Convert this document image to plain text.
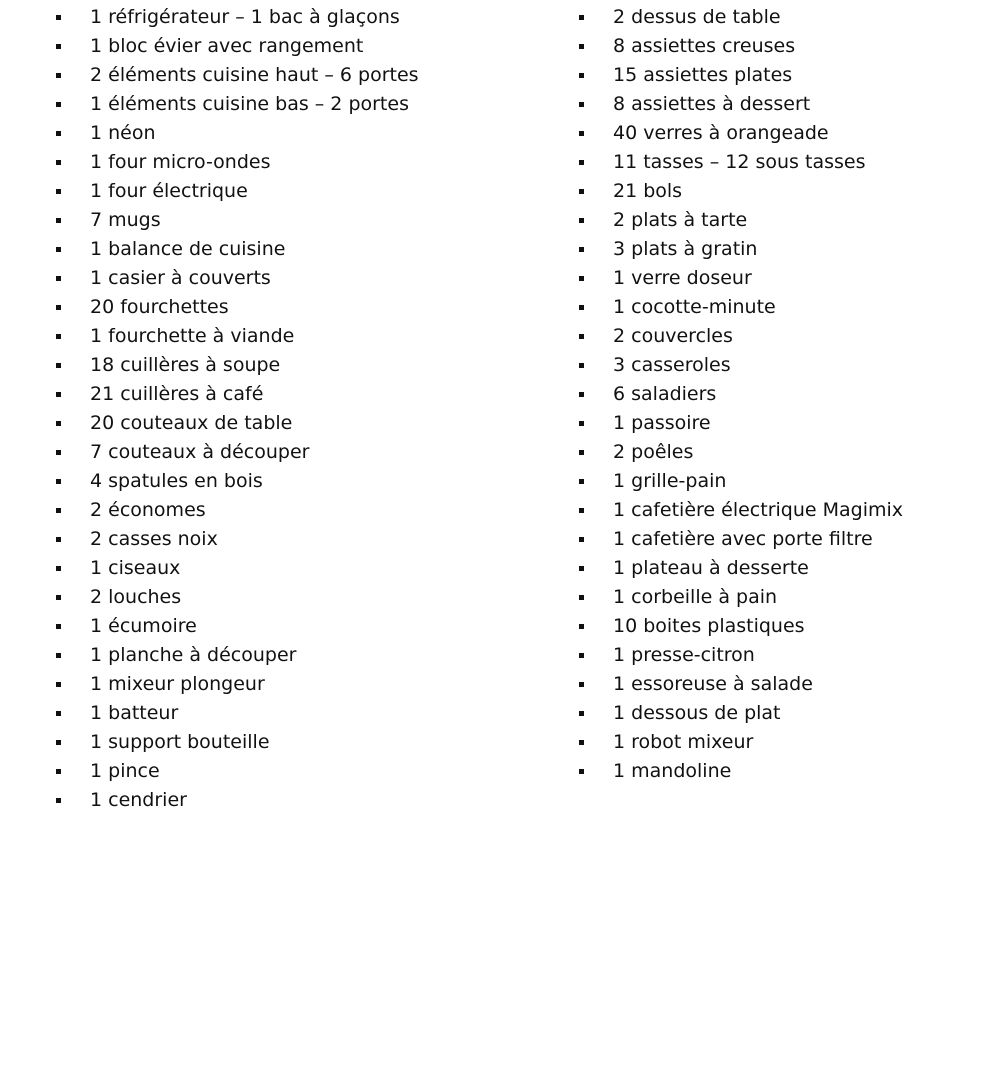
1 réfrigérateur – 1 bac à glaçons
1 bloc évier avec rangement
2 éléments cuisine haut – 6 portes
1 éléments cuisine bas – 2 portes
1 néon
1 four micro-ondes
1 four électrique
7 mugs
1 balance de cuisine
1 casier à couverts
20 fourchettes
1 fourchette à viande
18 cuillères à soupe
21 cuillères à café
20 couteaux de table
7 couteaux à découper
4 spatules en bois
2 économes
2 casses noix
1 ciseaux
2 louches
1 écumoire
1 planche à découper
1 mixeur plongeur
1 batteur
1 support bouteille
1 pince
1 cendrier
2 dessus de table
8 assiettes creuses
15 assiettes plates
8 assiettes à dessert
40 verres à orangeade
11 tasses – 12 sous tasses
21 bols
2 plats à tarte
3 plats à gratin
1 verre doseur
1 cocotte-minute
2 couvercles
3 casseroles
6 saladiers
1 passoire
2 poêles
1 grille-pain
1 cafetière électrique Magimix
1 cafetière avec porte filtre
1 plateau à desserte
1 corbeille à pain
10 boites plastiques
1 presse-citron
1 essoreuse à salade
1 dessous de plat
1 robot mixeur
1 mandoline
